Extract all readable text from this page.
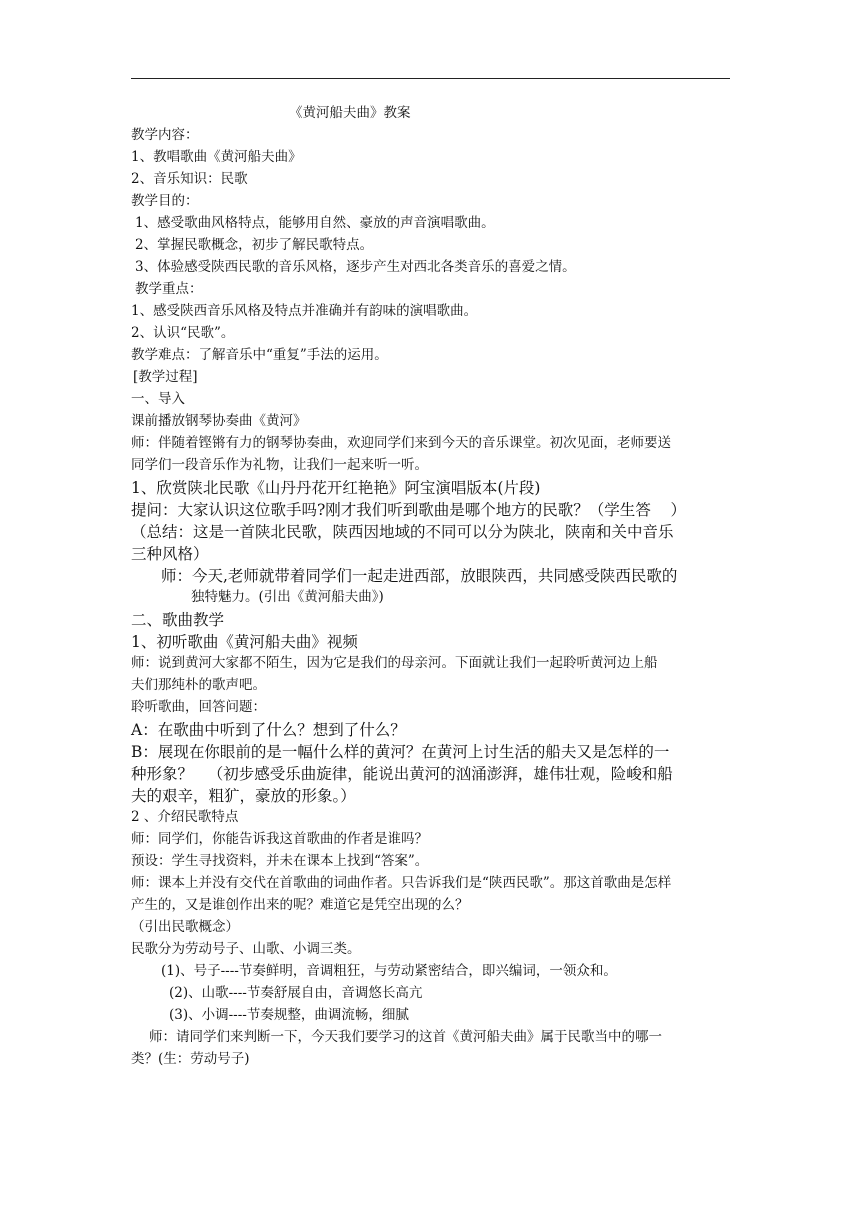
《黄河船夫曲》教案
教学内容：
1、教唱歌曲《黄河船夫曲》
2、音乐知识：民歌
教学目的：
1、感受歌曲风格特点，能够用自然、豪放的声音演唱歌曲。
2、掌握民歌概念，初步了解民歌特点。
3、体验感受陕西民歌的音乐风格，逐步产生对西北各类音乐的喜爱之情。
教学重点：
1、感受陕西音乐风格及特点并准确并有韵味的演唱歌曲。
2、认识“民歌”。
教学难点：了解音乐中“重复”手法的运用。
[教学过程]
一、导入
课前播放钢琴协奏曲《黄河》
师：伴随着铿锵有力的钢琴协奏曲，欢迎同学们来到今天的音乐课堂。初次见面，老师要送
同学们一段音乐作为礼物，让我们一起来听一听。
1、欣赏陕北民歌《山丹丹花开红艳艳》阿宝演唱版本(片段)
提问：大家认识这位歌手吗?刚才我们听到歌曲是哪个地方的民歌？（学生答    ）
（总结：这是一首陕北民歌，陕西因地域的不同可以分为陕北，陕南和关中音乐
三种风格）
师：今天,老师就带着同学们一起走进西部，放眼陕西，共同感受陕西民歌的
独特魅力。(引出《黄河船夫曲》)
二、歌曲教学
1、初听歌曲《黄河船夫曲》视频
师：说到黄河大家都不陌生，因为它是我们的母亲河。下面就让我们一起聆听黄河边上船
夫们那纯朴的歌声吧。
聆听歌曲，回答问题：
A：在歌曲中听到了什么？想到了什么？
B：展现在你眼前的是一幅什么样的黄河？在黄河上讨生活的船夫又是怎样的一
种形象？   （初步感受乐曲旋律，能说出黄河的汹涌澎湃，雄伟壮观，险峻和船
夫的艰辛，粗犷，豪放的形象。）
2 、介绍民歌特点
师：同学们，你能告诉我这首歌曲的作者是谁吗？
预设：学生寻找资料，并未在课本上找到“答案”。
师：课本上并没有交代在首歌曲的词曲作者。只告诉我们是“陕西民歌”。那这首歌曲是怎样
产生的，又是谁创作出来的呢？难道它是凭空出现的么？
（引出民歌概念）
民歌分为劳动号子、山歌、小调三类。
(1)、号子----节奏鲜明，音调粗狂，与劳动紧密结合，即兴编词，一领众和。
(2)、山歌----节奏舒展自由，音调悠长高亢
(3)、小调----节奏规整，曲调流畅，细腻
师：请同学们来判断一下，今天我们要学习的这首《黄河船夫曲》属于民歌当中的哪一
类？(生：劳动号子)
